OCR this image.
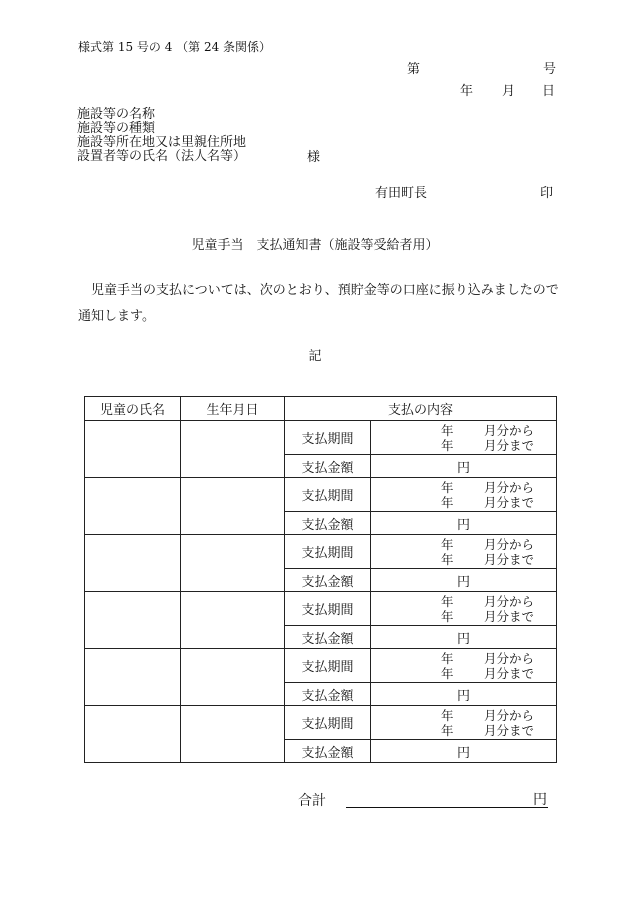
様式第 15 号の 4 （第 24 条関係）
第	号
年 月 日
施設等の名称
施設等の種類
施設等所在地又は里親住所地
設置者等の氏名（法人名等）	様
有田町長	印
児童手当　支払通知書（施設等受給者用）
児童手当の支払については、次のとおり、預貯金等の口座に振り込みましたので通知します。
記
児童の氏名	生年月日	支払の内容	
		支払期間	年 月分から
年 月分まで

		支払金額	円
		支払期間	年 月分から
年 月分まで

		支払金額	円
		支払期間	年 月分から
年 月分まで

		支払金額	円
		支払期間	年 月分から
年 月分まで

		支払金額	円
		支払期間	年 月分から
年 月分まで

		支払金額	円
		支払期間	年 月分から
年 月分まで

		支払金額	円
合計	円
